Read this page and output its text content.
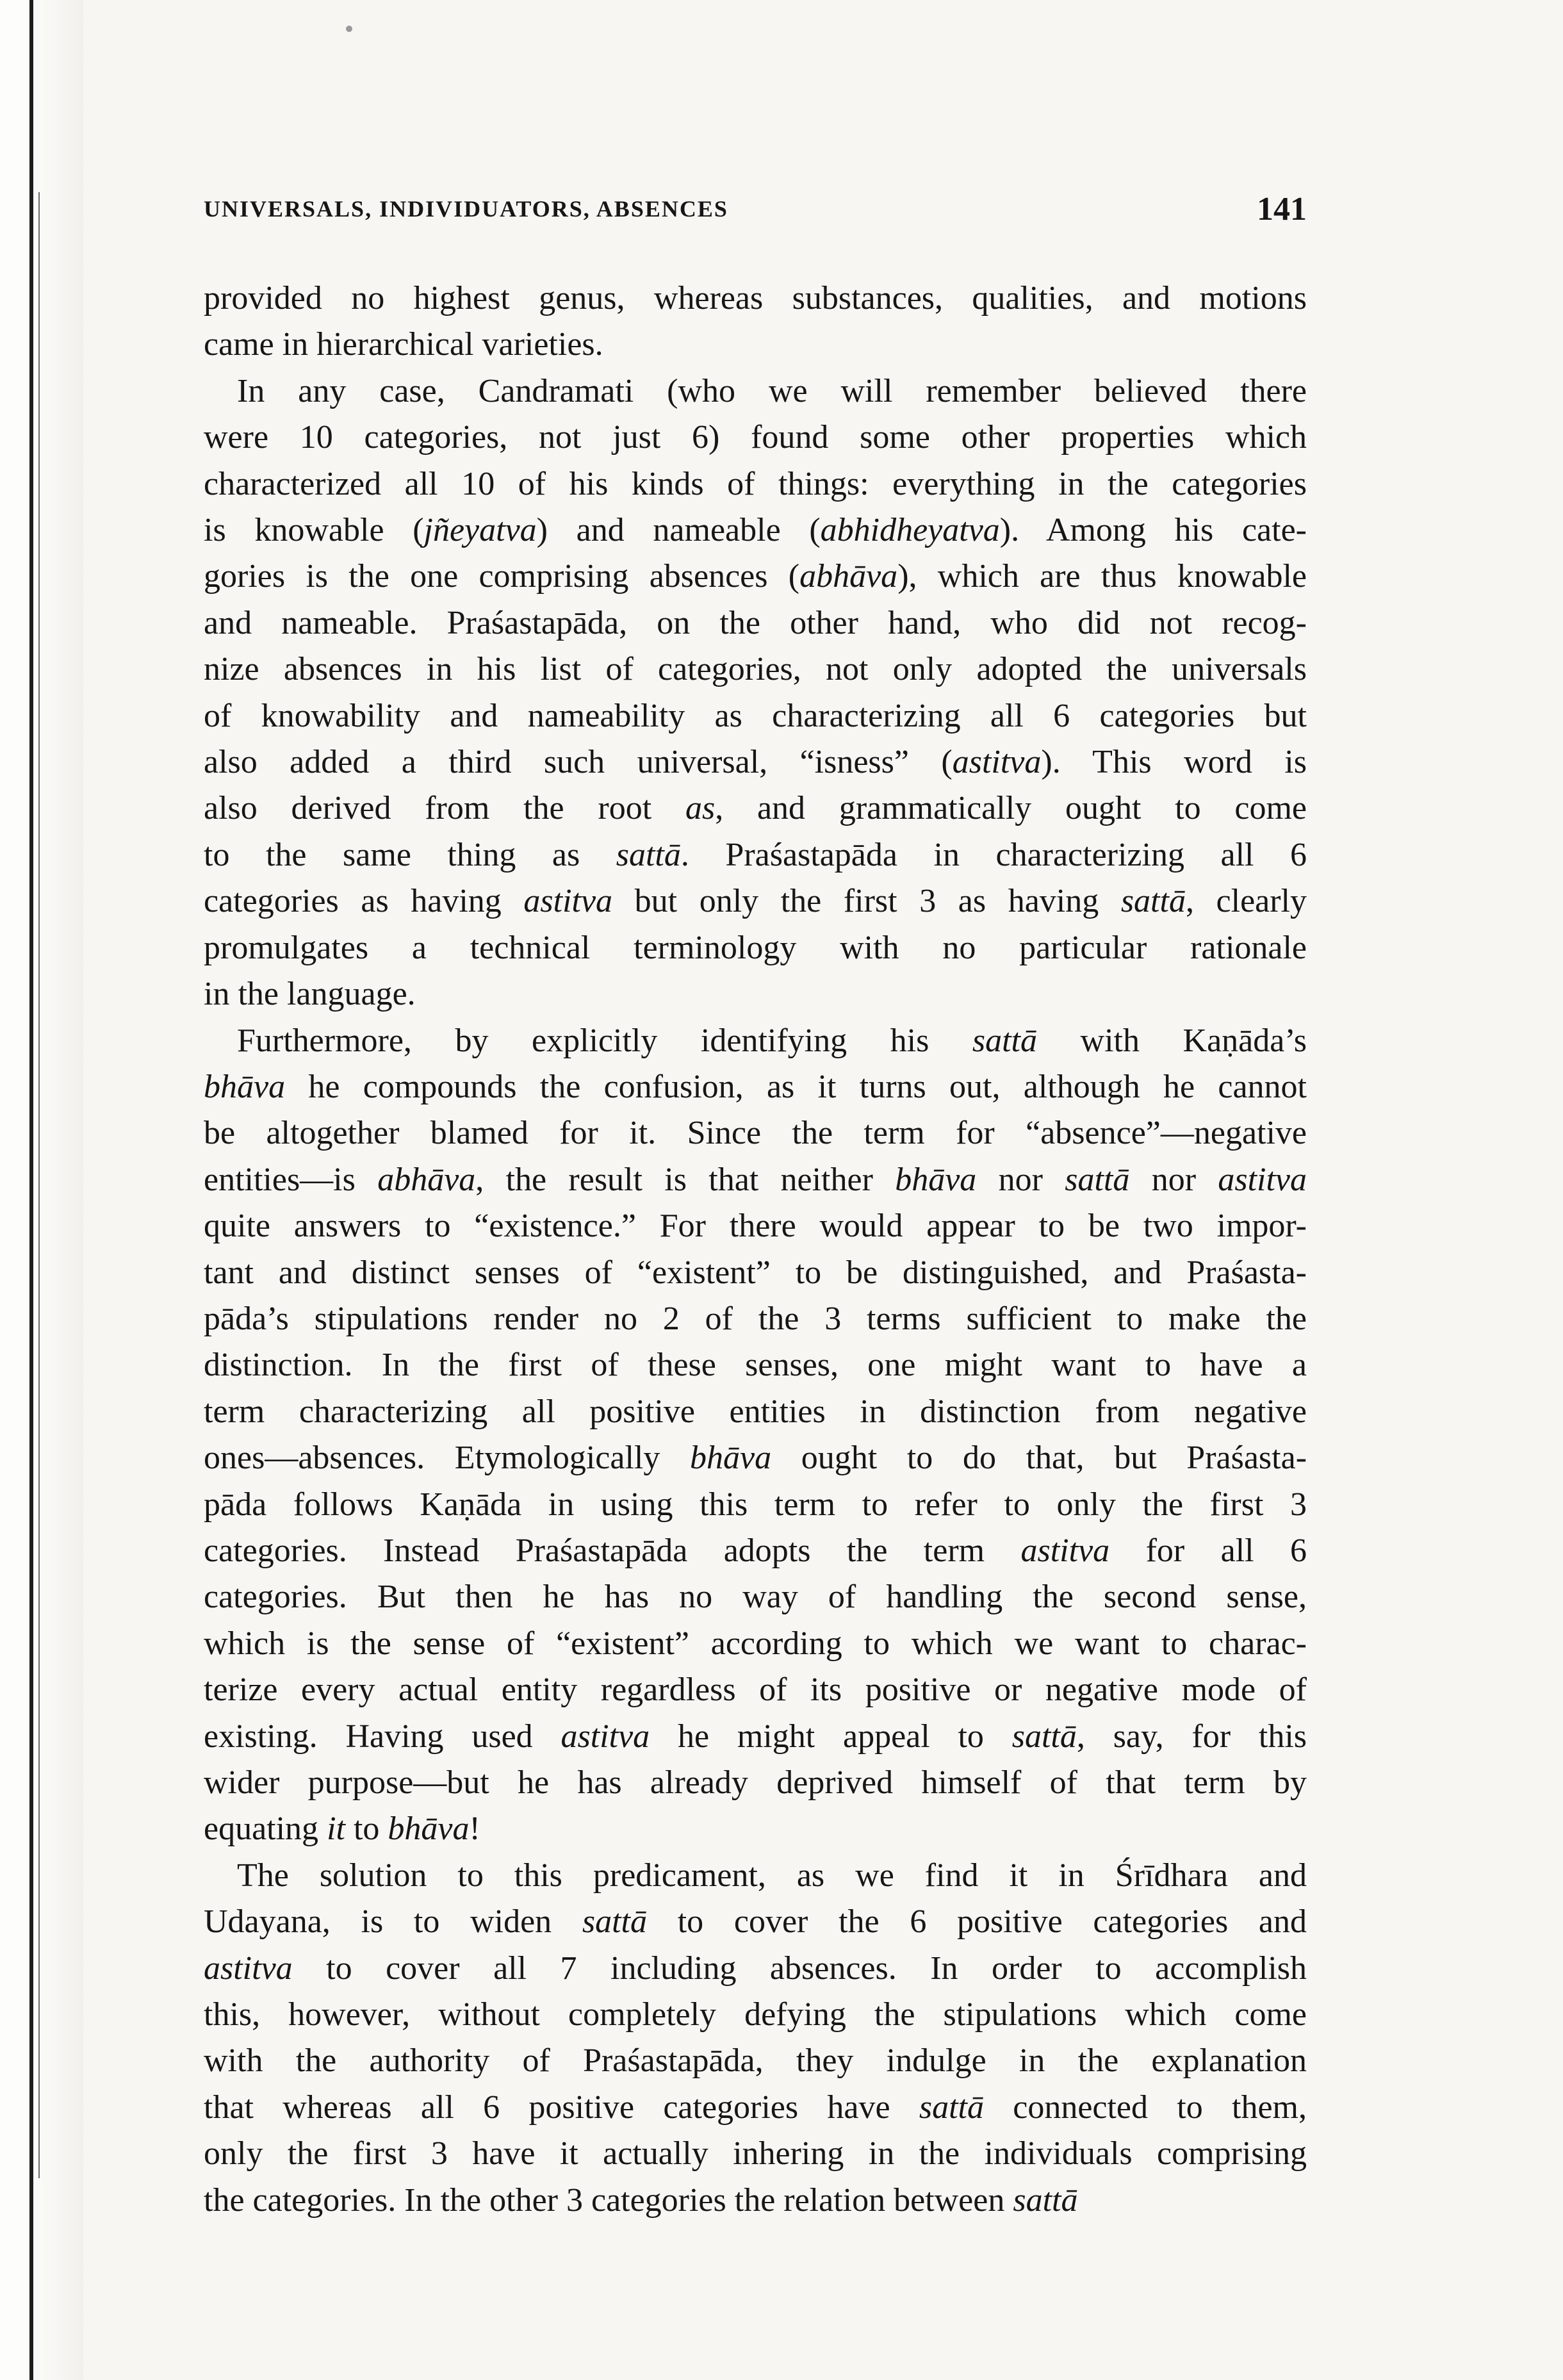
UNIVERSALS, INDIVIDUATORS, ABSENCES	141
provided no highest genus, whereas substances, qualities, and motions
came in hierarchical varieties.
In any case, Candramati (who we will remember believed there
were 10 categories, not just 6) found some other properties which
characterized all 10 of his kinds of things: everything in the categories
is knowable (jñeyatva) and nameable (abhidheyatva). Among his cate-
gories is the one comprising absences (abhāva), which are thus knowable
and nameable. Praśastapāda, on the other hand, who did not recog-
nize absences in his list of categories, not only adopted the universals
of knowability and nameability as characterizing all 6 categories but
also added a third such universal, “isness” (astitva). This word is
also derived from the root as, and grammatically ought to come
to the same thing as sattā. Praśastapāda in characterizing all 6
categories as having astitva but only the first 3 as having sattā, clearly
promulgates a technical terminology with no particular rationale
in the language.
Furthermore, by explicitly identifying his sattā with Kaṇāda’s
bhāva he compounds the confusion, as it turns out, although he cannot
be altogether blamed for it. Since the term for “absence”—negative
entities—is abhāva, the result is that neither bhāva nor sattā nor astitva
quite answers to “existence.” For there would appear to be two impor-
tant and distinct senses of “existent” to be distinguished, and Praśasta-
pāda’s stipulations render no 2 of the 3 terms sufficient to make the
distinction. In the first of these senses, one might want to have a
term characterizing all positive entities in distinction from negative
ones—absences. Etymologically bhāva ought to do that, but Praśasta-
pāda follows Kaṇāda in using this term to refer to only the first 3
categories. Instead Praśastapāda adopts the term astitva for all 6
categories. But then he has no way of handling the second sense,
which is the sense of “existent” according to which we want to charac-
terize every actual entity regardless of its positive or negative mode of
existing. Having used astitva he might appeal to sattā, say, for this
wider purpose—but he has already deprived himself of that term by
equating it to bhāva!
The solution to this predicament, as we find it in Śrīdhara and
Udayana, is to widen sattā to cover the 6 positive categories and
astitva to cover all 7 including absences. In order to accomplish
this, however, without completely defying the stipulations which come
with the authority of Praśastapāda, they indulge in the explanation
that whereas all 6 positive categories have sattā connected to them,
only the first 3 have it actually inhering in the individuals comprising
the categories. In the other 3 categories the relation between sattā
